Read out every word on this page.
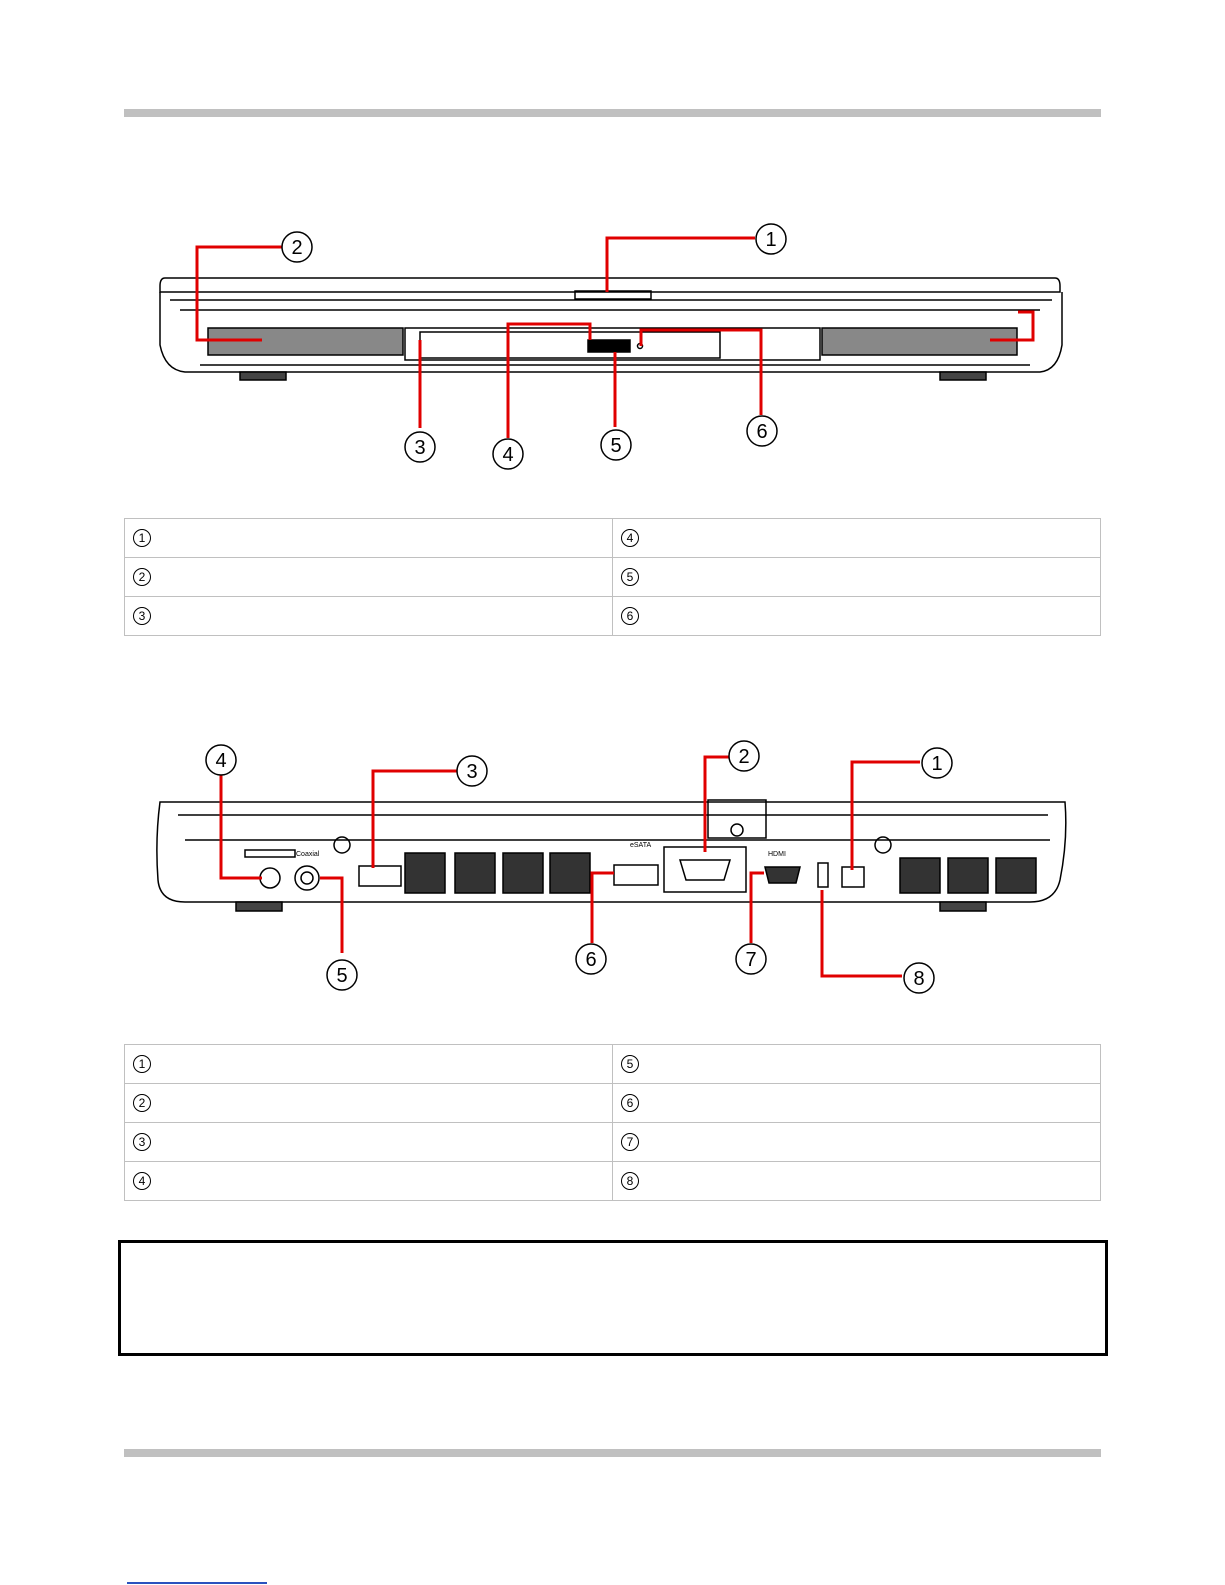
1
2
3	4	5
6
1	4
2	5
3	6
eSATA
HDMI
Coaxial
1
2
3
4
5
6	7
8
1	5
2	6
3	7
4	8
